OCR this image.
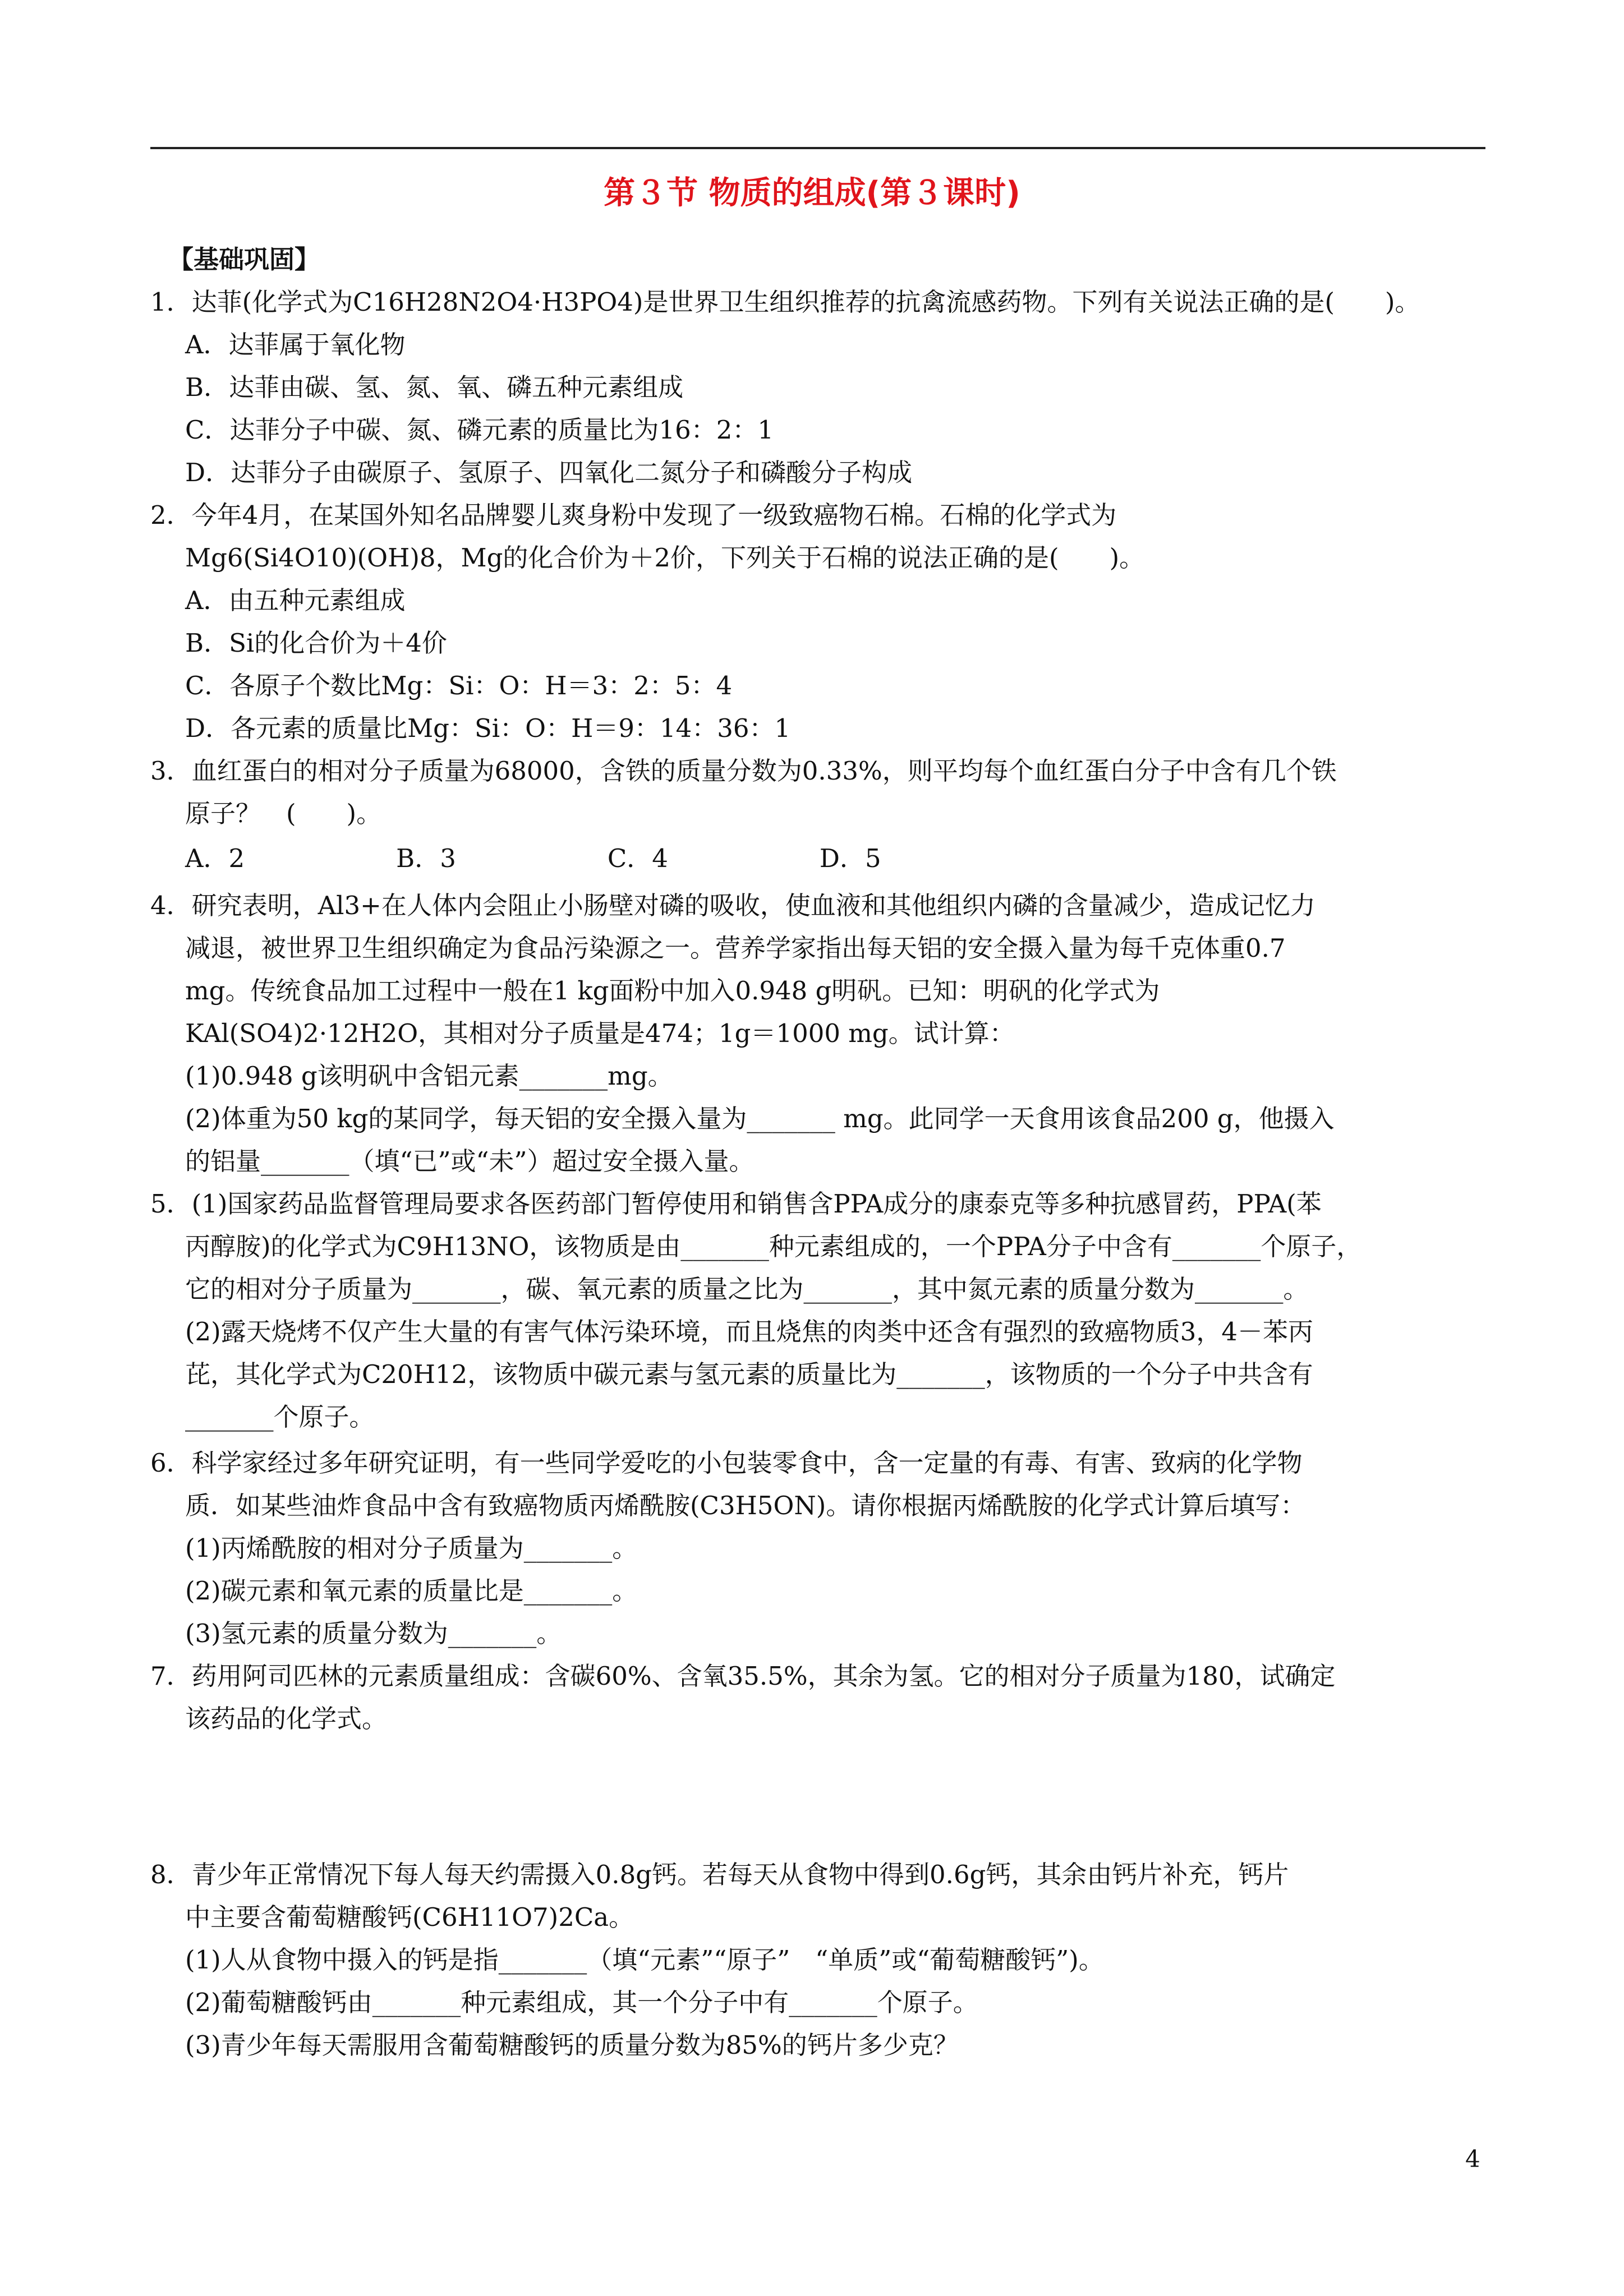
第３节 物质的组成(第３课时)
【基础巩固】
1．达菲(化学式为C16H28N2O4·H3PO4)是世界卫生组织推荐的抗禽流感药物。下列有关说法正确的是(　　)。
A．达菲属于氧化物
B．达菲由碳、氢、氮、氧、磷五种元素组成
C．达菲分子中碳、氮、磷元素的质量比为16：2：1
D．达菲分子由碳原子、氢原子、四氧化二氮分子和磷酸分子构成
2．今年4月，在某国外知名品牌婴儿爽身粉中发现了一级致癌物石棉。石棉的化学式为
Mg6(Si4O10)(OH)8，Mg的化合价为＋2价，下列关于石棉的说法正确的是(　　)。
A．由五种元素组成
B．Si的化合价为＋4价
C．各原子个数比Mg：Si：O：H＝3：2：5：4
D．各元素的质量比Mg：Si：O：H＝9：14：36：1
3．血红蛋白的相对分子质量为68000，含铁的质量分数为0.33%，则平均每个血红蛋白分子中含有几个铁
原子？　(　　)。
A．2　　　　　　B．3　　　　　　C．4　　　　　　D．5
4．研究表明，Al3+在人体内会阻止小肠壁对磷的吸收，使血液和其他组织内磷的含量减少，造成记忆力
减退，被世界卫生组织确定为食品污染源之一。营养学家指出每天铝的安全摄入量为每千克体重0.7
mg。传统食品加工过程中一般在1 kg面粉中加入0.948 g明矾。已知：明矾的化学式为
KAl(SO4)2·12H2O，其相对分子质量是474；1g＝1000 mg。试计算：
(1)0.948 g该明矾中含铝元素_______mg。
(2)体重为50 kg的某同学，每天铝的安全摄入量为_______ mg。此同学一天食用该食品200 g，他摄入
的铝量_______（填“已”或“未”）超过安全摄入量。
5．(1)国家药品监督管理局要求各医药部门暂停使用和销售含PPA成分的康泰克等多种抗感冒药，PPA(苯
丙醇胺)的化学式为C9H13NO，该物质是由_______种元素组成的，一个PPA分子中含有_______个原子，
它的相对分子质量为_______，碳、氧元素的质量之比为_______，其中氮元素的质量分数为_______。
(2)露天烧烤不仅产生大量的有害气体污染环境，而且烧焦的肉类中还含有强烈的致癌物质3，4－苯丙
芘，其化学式为C20H12，该物质中碳元素与氢元素的质量比为_______，该物质的一个分子中共含有
_______个原子。
6．科学家经过多年研究证明，有一些同学爱吃的小包装零食中，含一定量的有毒、有害、致病的化学物
质．如某些油炸食品中含有致癌物质丙烯酰胺(C3H5ON)。请你根据丙烯酰胺的化学式计算后填写：
(1)丙烯酰胺的相对分子质量为_______。
(2)碳元素和氧元素的质量比是_______。
(3)氢元素的质量分数为_______。
7．药用阿司匹林的元素质量组成：含碳60%、含氧35.5%，其余为氢。它的相对分子质量为180，试确定
该药品的化学式。
8．青少年正常情况下每人每天约需摄入0.8g钙。若每天从食物中得到0.6g钙，其余由钙片补充，钙片
中主要含葡萄糖酸钙(C6H11O7)2Ca。
(1)人从食物中摄入的钙是指_______（填“元素”“原子”　“单质”或“葡萄糖酸钙”)。
(2)葡萄糖酸钙由_______种元素组成，其一个分子中有_______个原子。
(3)青少年每天需服用含葡萄糖酸钙的质量分数为85%的钙片多少克？
4
